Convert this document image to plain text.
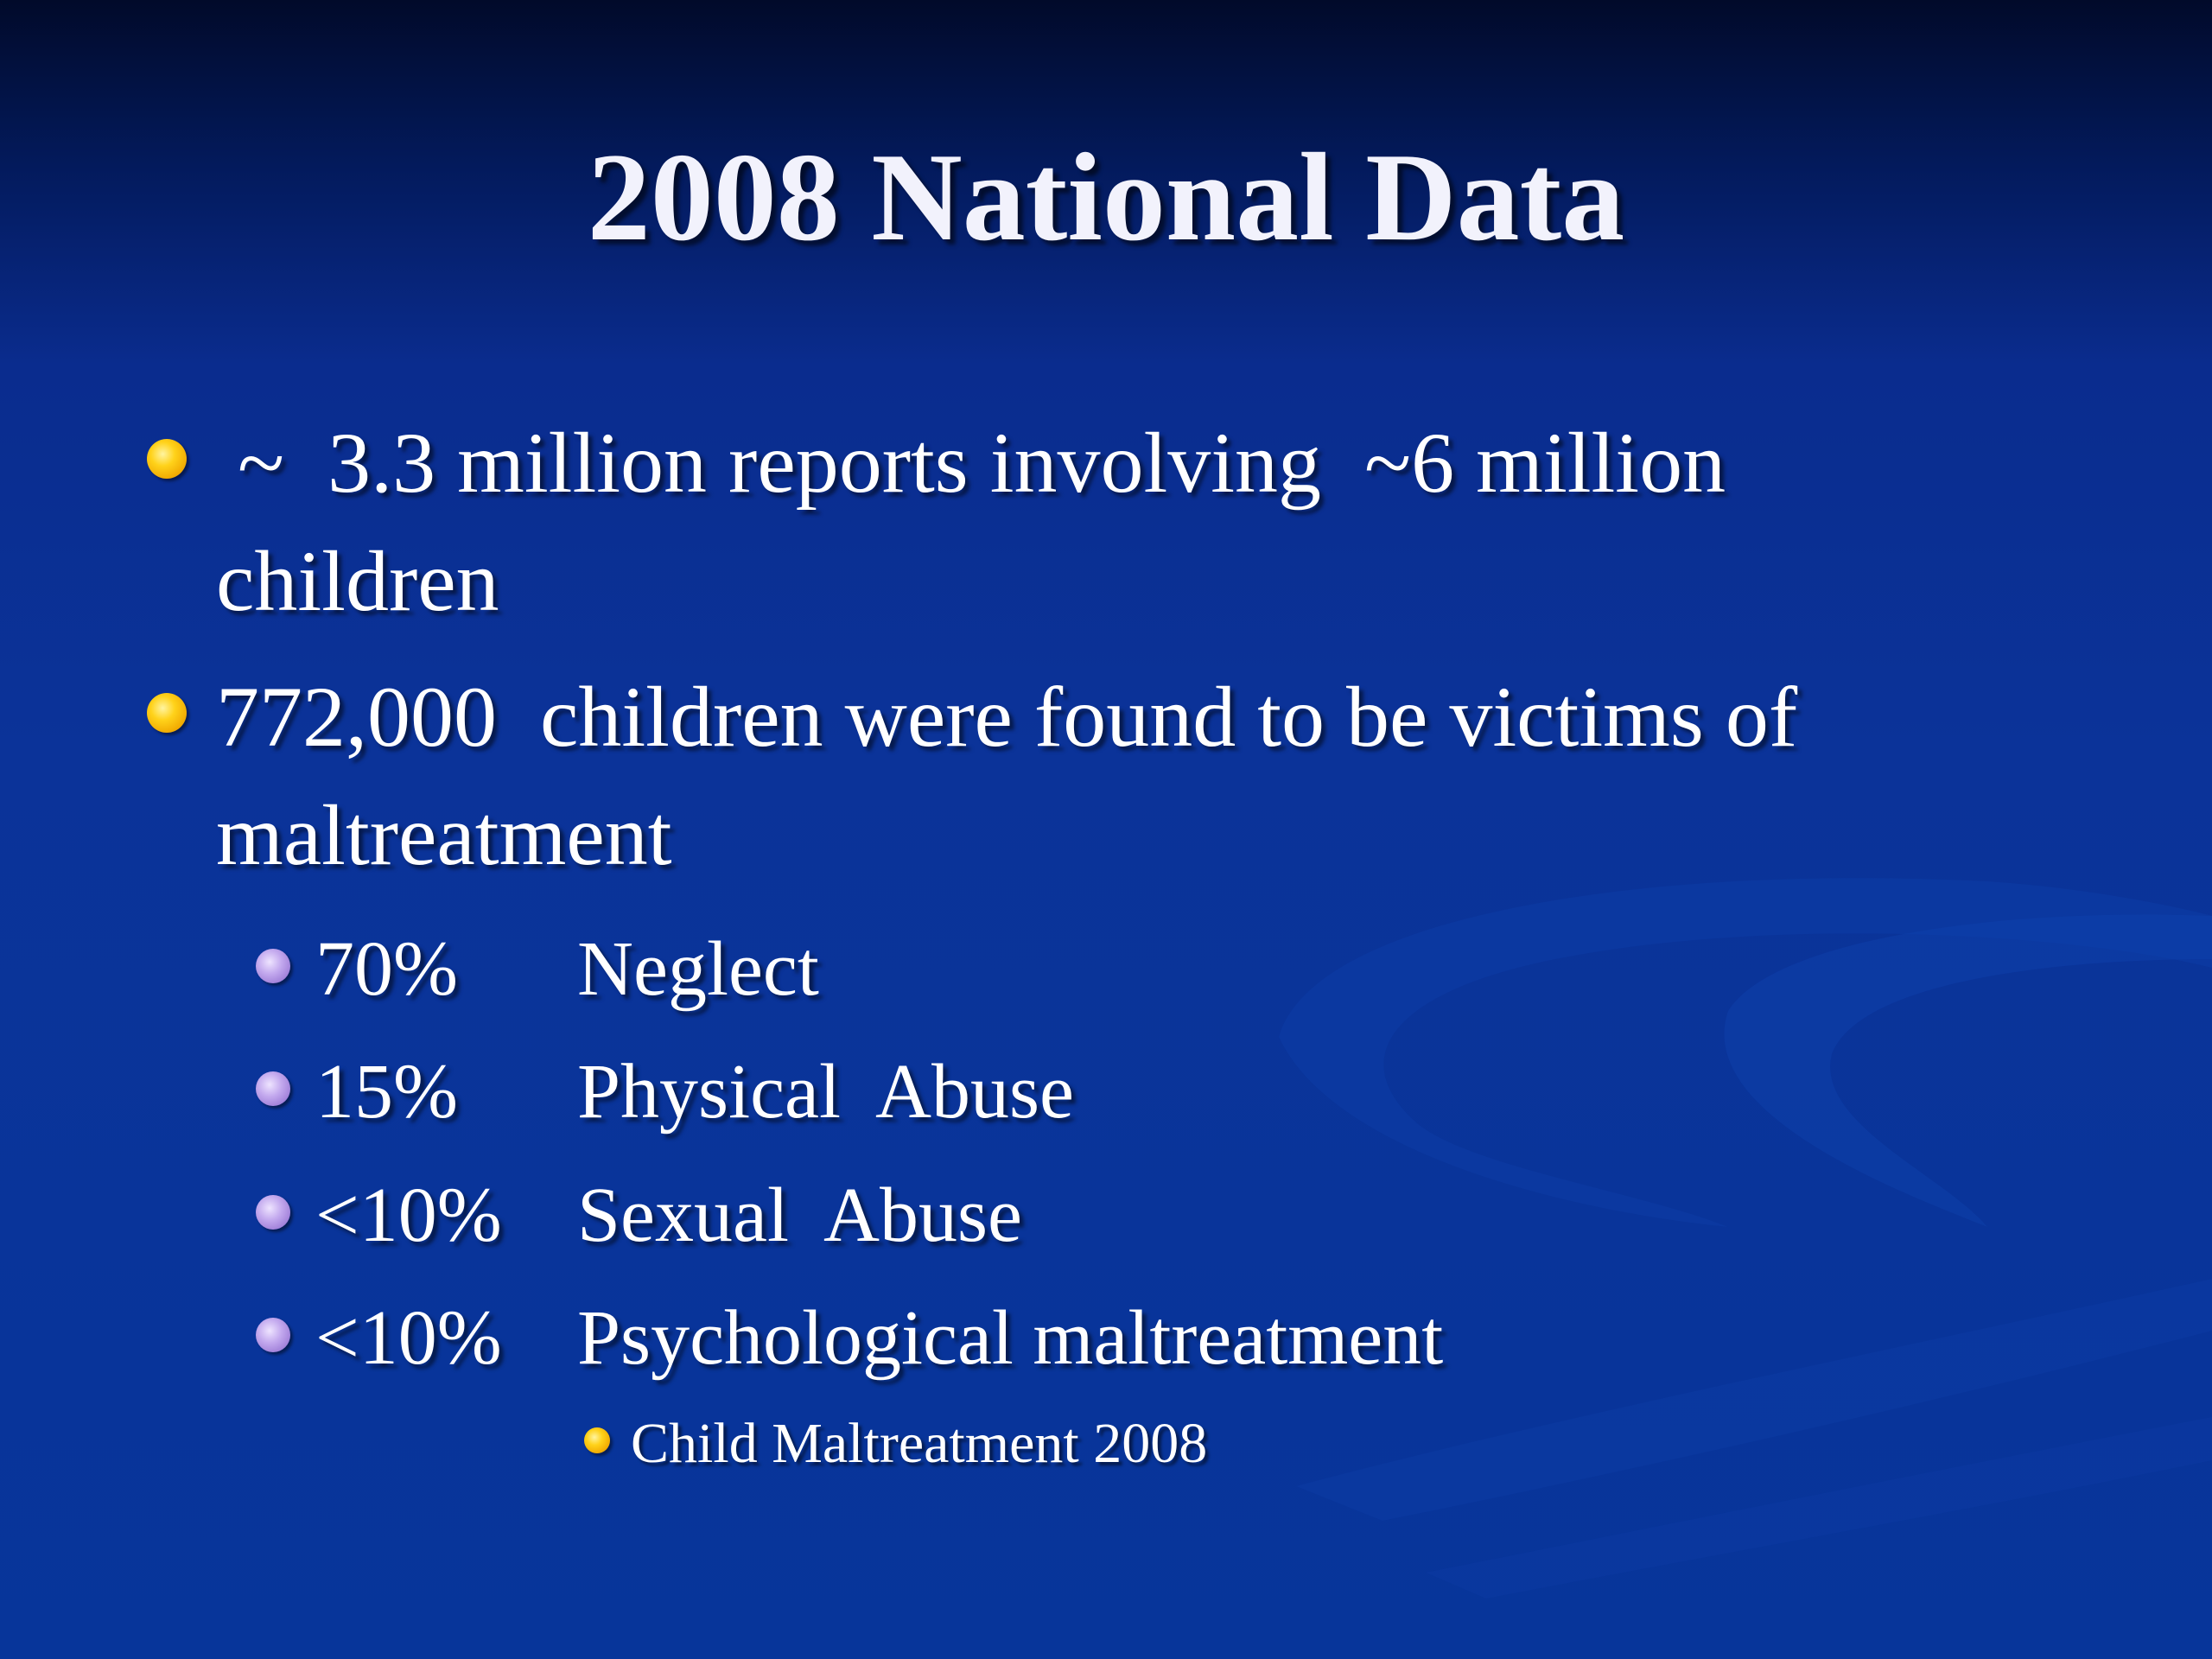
2008 National Data
~  3.3 million reports involving  ~6 million children
772,000  children were found to be victims of maltreatment

70%

Neglect

15%

Physical  Abuse

<10%

Sexual  Abuse

<10%

Psychological maltreatment

Child Maltreatment 2008
